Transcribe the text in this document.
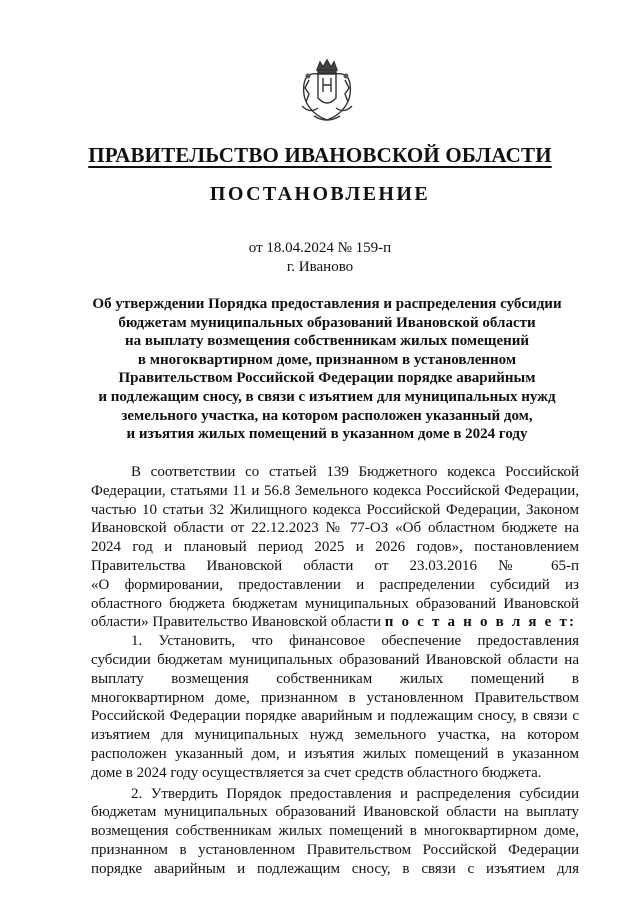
ПРАВИТЕЛЬСТВО ИВАНОВСКОЙ ОБЛАСТИ
ПОСТАНОВЛЕНИЕ
от 18.04.2024 № 159-п
г. Иваново
Об утверждении Порядка предоставления и распределения субсидии
бюджетам муниципальных образований Ивановской области
на выплату возмещения собственникам жилых помещений
в многоквартирном доме, признанном в установленном
Правительством Российской Федерации порядке аварийным
и подлежащим сносу, в связи с изъятием для муниципальных нужд
земельного участка, на котором расположен указанный дом,
и изъятия жилых помещений в указанном доме в 2024 году
В соответствии со статьей 139 Бюджетного кодекса Российской
Федерации, статьями 11 и 56.8 Земельного кодекса Российской Федерации,
частью 10 статьи 32 Жилищного кодекса Российской Федерации, Законом
Ивановской области от 22.12.2023 № 77-ОЗ «Об областном бюджете на
2024 год и плановый период 2025 и 2026 годов», постановлением
Правительства Ивановской области от 23.03.2016 № 65-п
«О формировании, предоставлении и распределении субсидий из
областного бюджета бюджетам муниципальных образований Ивановской
области» Правительство Ивановской области п о с т а н о в л я е т:
1. Установить, что финансовое обеспечение предоставления
субсидии бюджетам муниципальных образований Ивановской области на
выплату возмещения собственникам жилых помещений в
многоквартирном доме, признанном в установленном Правительством
Российской Федерации порядке аварийным и подлежащим сносу, в связи с
изъятием для муниципальных нужд земельного участка, на котором
расположен указанный дом, и изъятия жилых помещений в указанном
доме в 2024 году осуществляется за счет средств областного бюджета.
2. Утвердить Порядок предоставления и распределения субсидии
бюджетам муниципальных образований Ивановской области на выплату
возмещения собственникам жилых помещений в многоквартирном доме,
признанном в установленном Правительством Российской Федерации
порядке аварийным и подлежащим сносу, в связи с изъятием для
